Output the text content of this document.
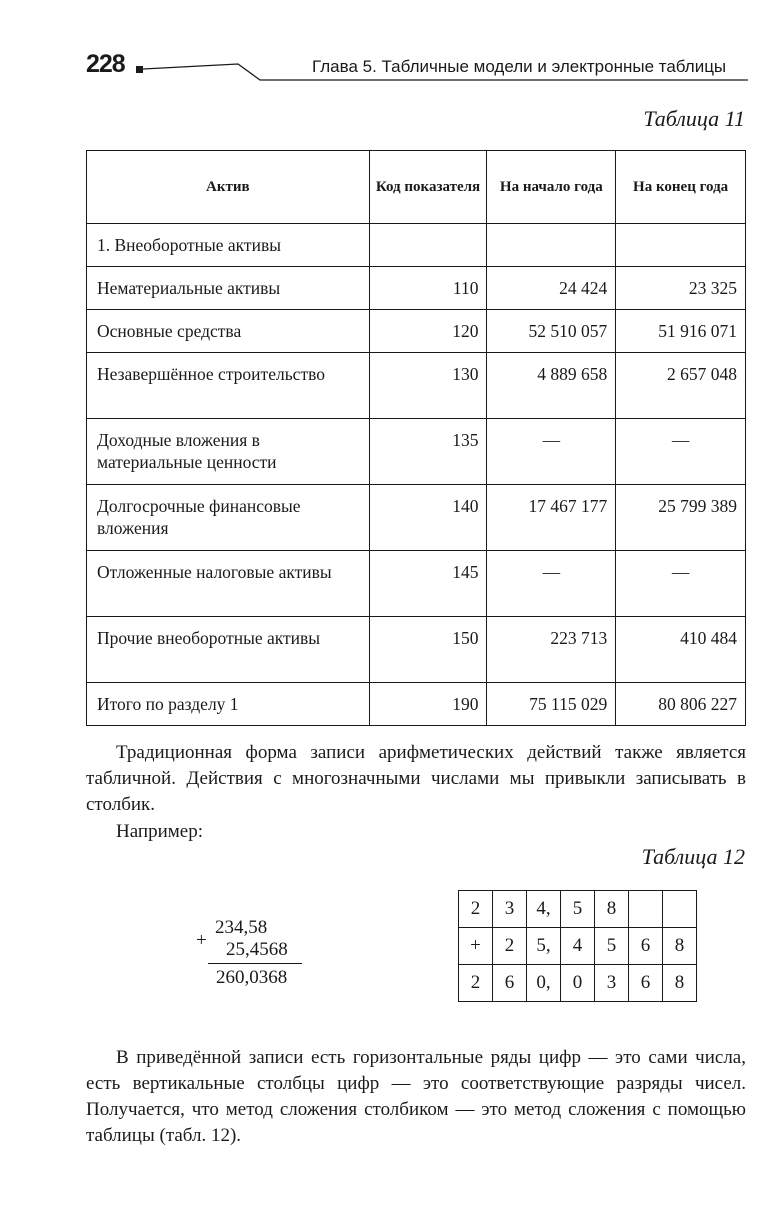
228	Глава 5. Табличные модели и электронные таблицы
Таблица 11
Актив	Код показателя	На начало года	На конец года
1. Внеоборотные активы			
Нематериальные активы	110	24 424	23 325
Основные средства	120	52 510 057	51 916 071
Незавершённое строительство	130	4 889 658	2 657 048
Доходные вложения в материальные ценности	135	—	—
Долгосрочные финансовые вложения	140	17 467 177	25 799 389
Отложенные налоговые активы	145	—	—
Прочие внеоборотные активы	150	223 713	410 484
Итого по разделу 1	190	75 115 029	80 806 227

Традиционная форма записи арифметических действий также является табличной. Действия с многозначными числами мы привыкли записывать в столбик.

Например:

Таблица 12
+
234,58
25,4568
260,0368
2	3	4,	5	8		
+	2	5,	4	5	6	8
2	6	0,	0	3	6	8

В приведённой записи есть горизонтальные ряды цифр — это сами числа, есть вертикальные столбцы цифр — это соответствующие разряды чисел. Получается, что метод сложения столбиком — это метод сложения с помощью таблицы (табл. 12).
